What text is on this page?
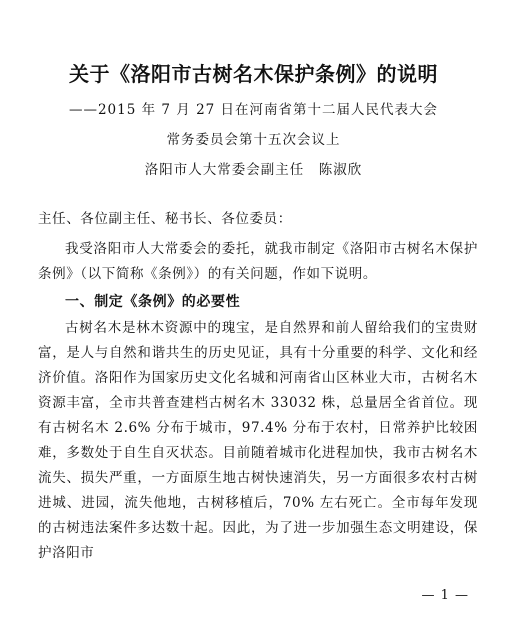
关于《洛阳市古树名木保护条例》的说明
——2015 年 7 月 27 日在河南省第十二届人民代表大会
常务委员会第十五次会议上
洛阳市人大常委会副主任　陈淑欣
主任、各位副主任、秘书长、各位委员：
我受洛阳市人大常委会的委托，就我市制定《洛阳市古树名木保护条例》（以下简称《条例》）的有关问题，作如下说明。
一、制定《条例》的必要性
古树名木是林木资源中的瑰宝，是自然界和前人留给我们的宝贵财富，是人与自然和谐共生的历史见证，具有十分重要的科学、文化和经济价值。洛阳作为国家历史文化名城和河南省山区林业大市，古树名木资源丰富，全市共普查建档古树名木 33032 株，总量居全省首位。现有古树名木 2.6% 分布于城市，97.4% 分布于农村，日常养护比较困难，多数处于自生自灭状态。目前随着城市化进程加快，我市古树名木流失、损失严重，一方面原生地古树快速消失，另一方面很多农村古树进城、进园，流失他地，古树移植后，70% 左右死亡。全市每年发现的古树违法案件多达数十起。因此，为了进一步加强生态文明建设，保护洛阳市
— 1 —
